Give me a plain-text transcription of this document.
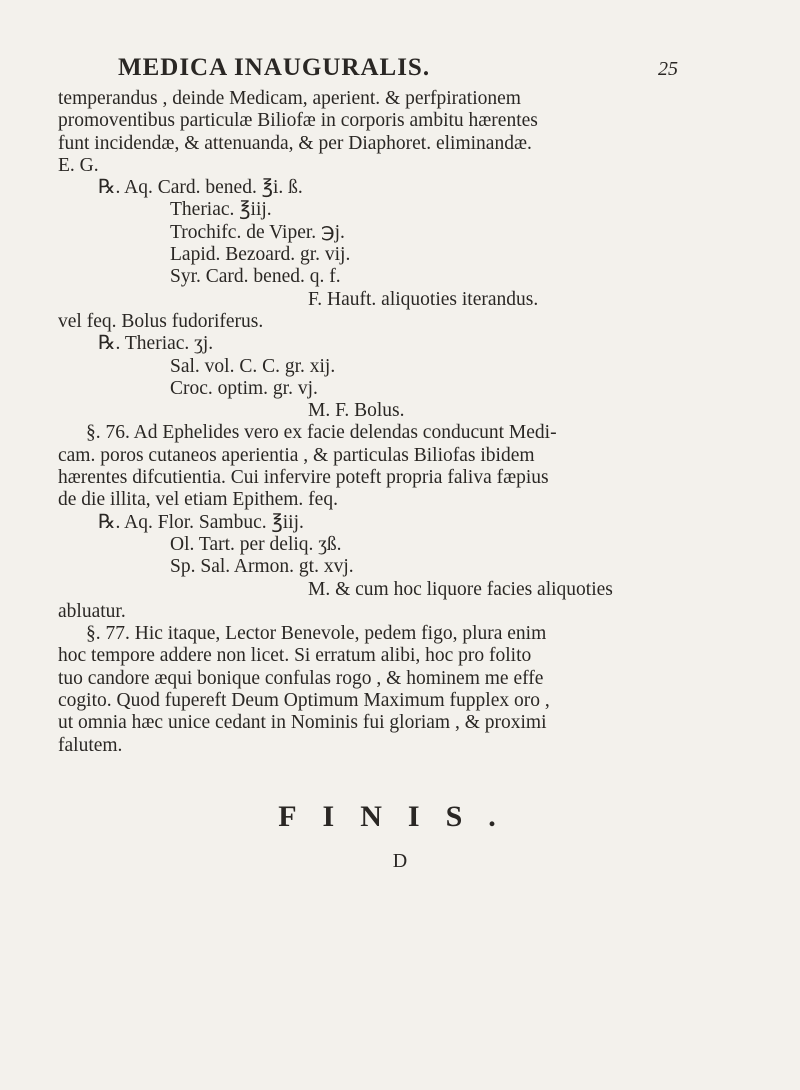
MEDICA INAUGURALIS.	25

temperandus , deinde Medicam, aperient. & perfpirationem
promoventibus particulæ Biliofæ in corporis ambitu hærentes
funt incidendæ, & attenuanda, & per Diaphoret. eliminandæ.
E. G.

℞. Aq. Card. bened. ℥i. ß.
Theriac. ℥iij.
Trochifc. de Viper. ℈j.
Lapid. Bezoard. gr. vij.
Syr. Card. bened. q. f.
F. Hauft. aliquoties iterandus.
vel feq. Bolus fudoriferus.
℞. Theriac. ʒj.
Sal. vol. C. C. gr. xij.
Croc. optim. gr. vj.
M. F. Bolus.

§. 76. Ad Ephelides vero ex facie delendas conducunt Medi-

cam. poros cutaneos aperientia , & particulas Biliofas ibidem
hærentes difcutientia. Cui infervire poteft propria faliva fæpius
de die illita, vel etiam Epithem. feq.

℞. Aq. Flor. Sambuc. ℥iij.
Ol. Tart. per deliq. ʒß.
Sp. Sal. Armon. gt. xvj.
M. & cum hoc liquore facies aliquoties
abluatur.

§. 77. Hic itaque, Lector Benevole, pedem figo, plura enim

hoc tempore addere non licet. Si erratum alibi, hoc pro folito
tuo candore æqui bonique confulas rogo , & hominem me effe
cogito. Quod fupereft Deum Optimum Maximum fupplex oro ,
ut omnia hæc unice cedant in Nominis fui gloriam , & proximi
falutem.

FINIS.
D
